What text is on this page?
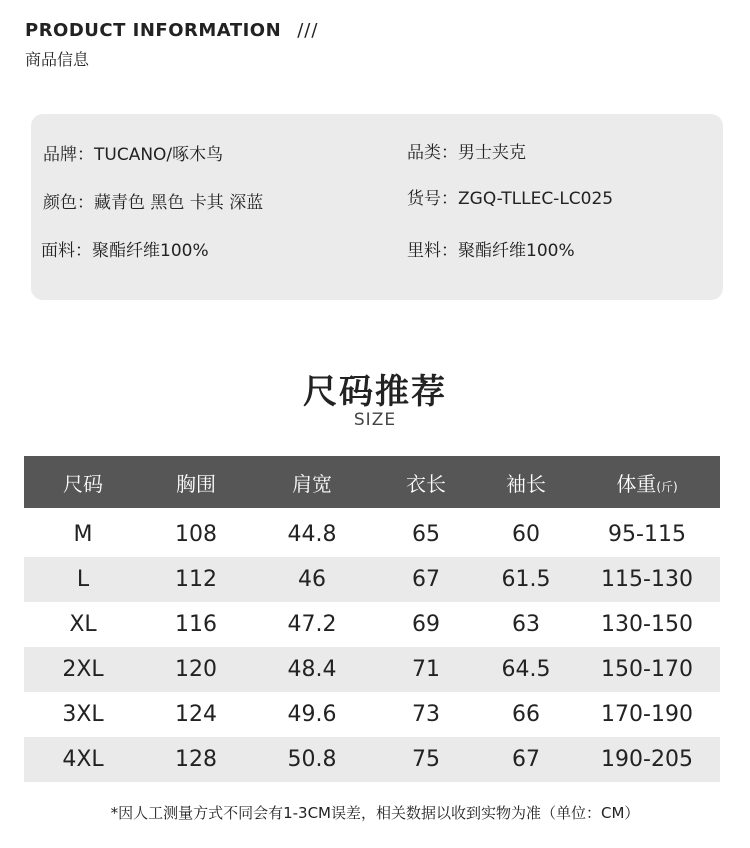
PRODUCT INFORMATION ///
商品信息
品牌：TUCANO/啄木鸟	品类：男士夹克
颜色：藏青色 黑色 卡其 深蓝	货号：ZGQ-TLLEC-LC025
面料：聚酯纤维100%	里料：聚酯纤维100%
尺码推荐
SIZE
尺码	胸围	肩宽	衣长	袖长	体重(斤)

M	108	44.8	65	60	95-115
L	112	46	67	61.5	115-130
XL	116	47.2	69	63	130-150
2XL	120	48.4	71	64.5	150-170
3XL	124	49.6	73	66	170-190
4XL	128	50.8	75	67	190-205
*因人工测量方式不同会有1-3CM误差，相关数据以收到实物为准（单位：CM）
